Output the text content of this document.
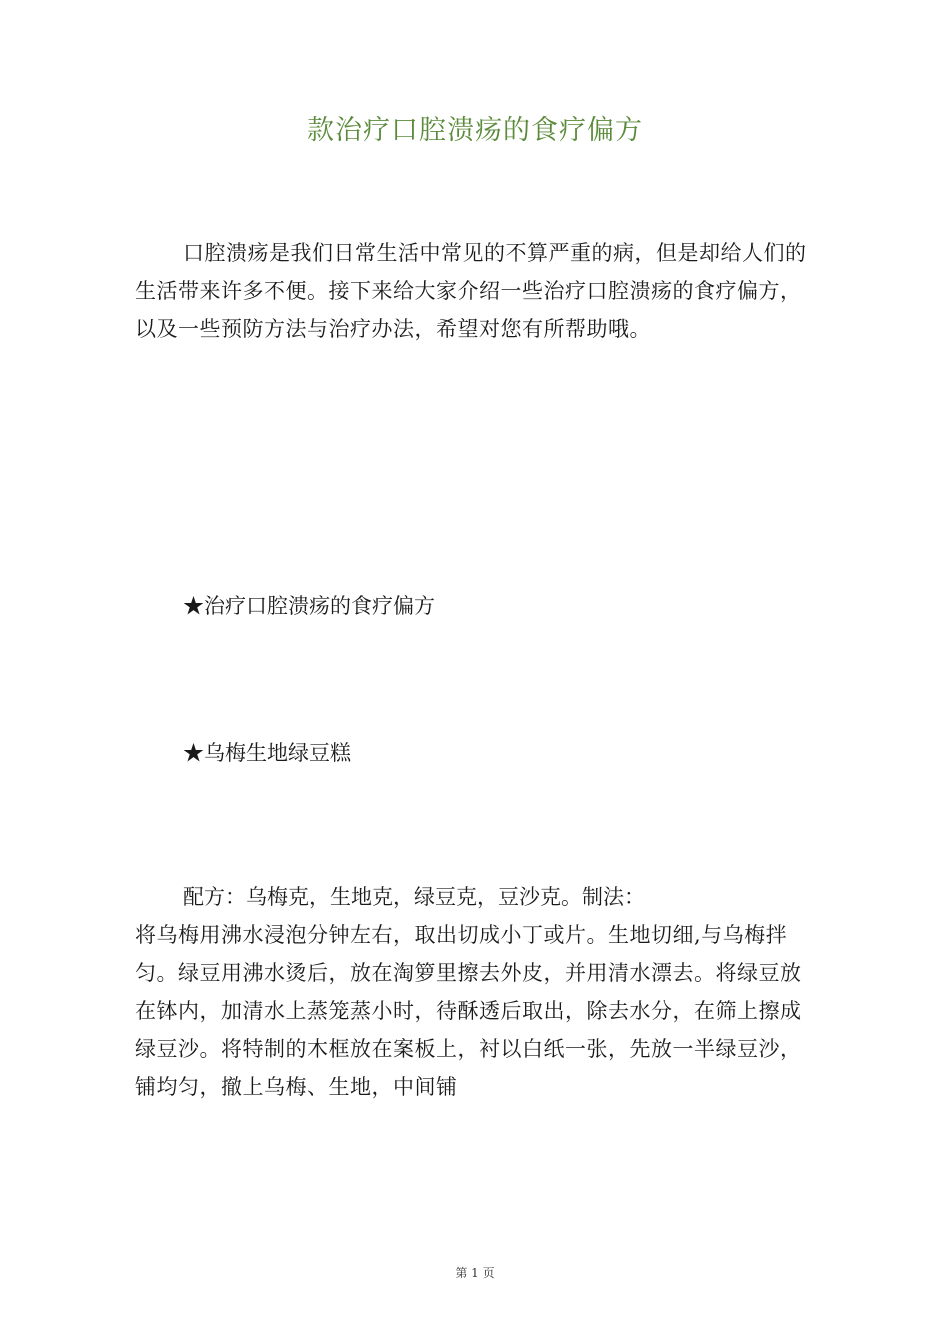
款治疗口腔溃疡的食疗偏方

口腔溃疡是我们日常生活中常见的不算严重的病，但是却给人们的生活带来许多不便。接下来给大家介绍一些治疗口腔溃疡的食疗偏方，以及一些预防方法与治疗办法，希望对您有所帮助哦。

★治疗口腔溃疡的食疗偏方

★乌梅生地绿豆糕

配方：乌梅克，生地克，绿豆克，豆沙克。制法：

将乌梅用沸水浸泡分钟左右，取出切成小丁或片。生地切细,与乌梅拌匀。绿豆用沸水烫后，放在淘箩里擦去外皮，并用清水漂去。将绿豆放在钵内，加清水上蒸笼蒸小时，待酥透后取出，除去水分，在筛上擦成绿豆沙。将特制的木框放在案板上，衬以白纸一张，先放一半绿豆沙，铺均匀，撤上乌梅、生地，中间铺

第 1 页
